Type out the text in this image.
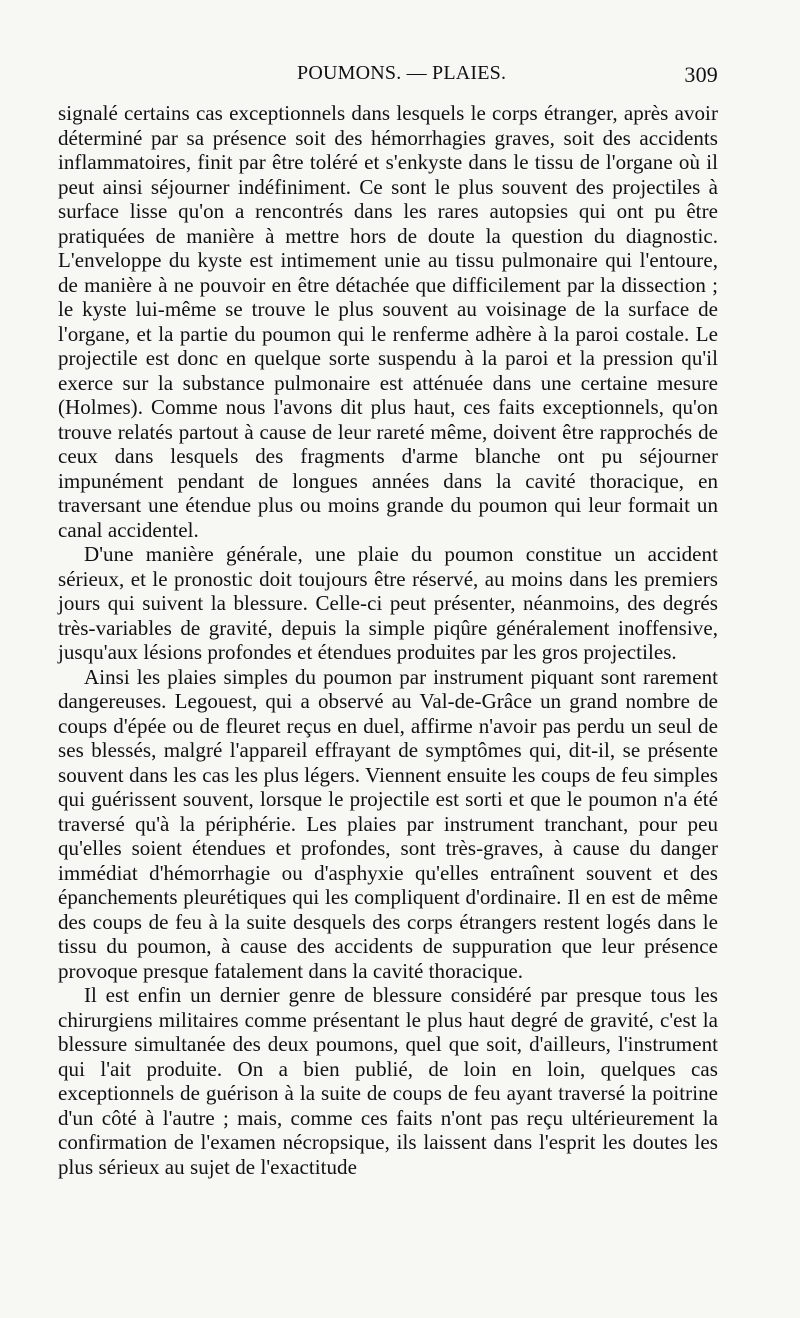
POUMONS. — PLAIES.	309

signalé certains cas exceptionnels dans lesquels le corps étranger, après avoir déterminé par sa présence soit des hémorrhagies graves, soit des accidents inflammatoires, finit par être toléré et s'enkyste dans le tissu de l'organe où il peut ainsi séjourner indéfiniment. Ce sont le plus souvent des projectiles à surface lisse qu'on a rencontrés dans les rares autopsies qui ont pu être pratiquées de manière à mettre hors de doute la question du diagnostic. L'enveloppe du kyste est intimement unie au tissu pulmonaire qui l'entoure, de manière à ne pouvoir en être détachée que difficilement par la dissection ; le kyste lui-même se trouve le plus souvent au voisinage de la surface de l'organe, et la partie du poumon qui le renferme adhère à la paroi costale. Le projectile est donc en quelque sorte suspendu à la paroi et la pression qu'il exerce sur la substance pulmonaire est atténuée dans une certaine mesure (Holmes). Comme nous l'avons dit plus haut, ces faits exceptionnels, qu'on trouve relatés partout à cause de leur rareté même, doivent être rapprochés de ceux dans lesquels des fragments d'arme blanche ont pu séjourner impunément pendant de longues années dans la cavité thoracique, en traversant une étendue plus ou moins grande du poumon qui leur formait un canal accidentel.

D'une manière générale, une plaie du poumon constitue un accident sérieux, et le pronostic doit toujours être réservé, au moins dans les premiers jours qui suivent la blessure. Celle-ci peut présenter, néanmoins, des degrés très-variables de gravité, depuis la simple piqûre généralement inoffensive, jusqu'aux lésions profondes et étendues produites par les gros projectiles.

Ainsi les plaies simples du poumon par instrument piquant sont rarement dangereuses. Legouest, qui a observé au Val-de-Grâce un grand nombre de coups d'épée ou de fleuret reçus en duel, affirme n'avoir pas perdu un seul de ses blessés, malgré l'appareil effrayant de symptômes qui, dit-il, se présente souvent dans les cas les plus légers. Viennent ensuite les coups de feu simples qui guérissent souvent, lorsque le projectile est sorti et que le poumon n'a été traversé qu'à la périphérie. Les plaies par instrument tranchant, pour peu qu'elles soient étendues et profondes, sont très-graves, à cause du danger immédiat d'hémorrhagie ou d'asphyxie qu'elles entraînent souvent et des épanchements pleurétiques qui les compliquent d'ordinaire. Il en est de même des coups de feu à la suite desquels des corps étrangers restent logés dans le tissu du poumon, à cause des accidents de suppuration que leur présence provoque presque fatalement dans la cavité thoracique.

Il est enfin un dernier genre de blessure considéré par presque tous les chirurgiens militaires comme présentant le plus haut degré de gravité, c'est la blessure simultanée des deux poumons, quel que soit, d'ailleurs, l'instrument qui l'ait produite. On a bien publié, de loin en loin, quelques cas exceptionnels de guérison à la suite de coups de feu ayant traversé la poitrine d'un côté à l'autre ; mais, comme ces faits n'ont pas reçu ultérieurement la confirmation de l'examen nécropsique, ils laissent dans l'esprit les doutes les plus sérieux au sujet de l'exactitude
